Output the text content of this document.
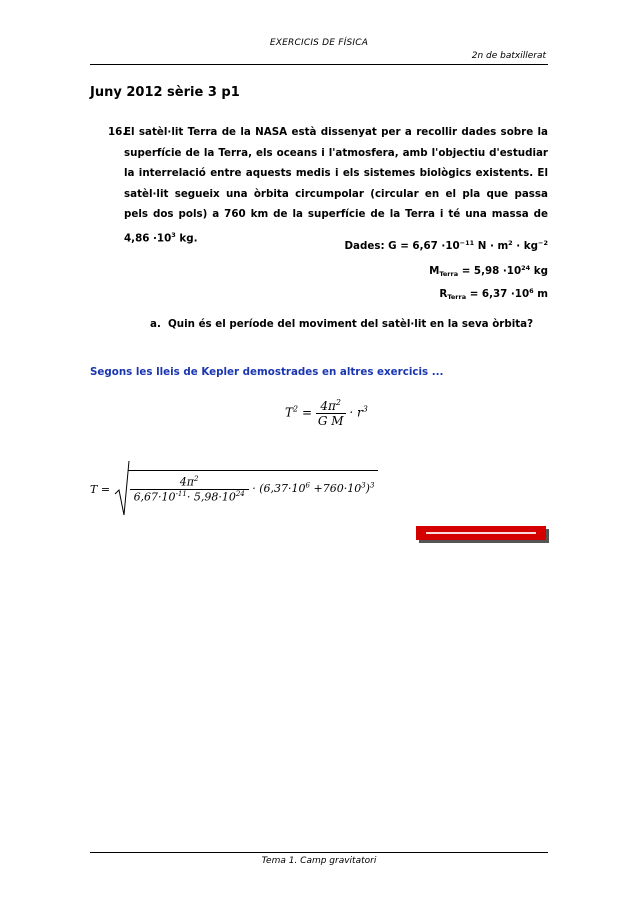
EXERCICIS DE FÍSICA
2n de batxillerat
Juny 2012 sèrie 3 p1
16.
El satèl·lit Terra de la NASA està dissenyat per a recollir dades sobre la superfície de la Terra, els oceans i l'atmosfera, amb l'objectiu d'estudiar la interrelació entre aquests medis i els sistemes biològics existents. El satèl·lit segueix una òrbita circumpolar (circular en el pla que passa pels dos pols) a 760 km de la superfície de la Terra i té una massa de $4,86 \cdot 10^3$ kg.
Dades: $G = 6,67 \cdot 10^{-11}$ $N \cdot m^2 \cdot kg^{-2}$
$M_{Terra} = 5,98 \cdot 10^{24}$ kg
$R_{Terra} = 6,37 \cdot 10^6$ m
a. Quin és el període del moviment del satèl·lit en la seva òrbita?
Segons les lleis de Kepler demostrades en altres exercicis ...
$T^2 = \frac{4\pi^2}{\text{G M}} \cdot r^3$
$T = \frac{4\pi^2}{6,67\cdot 10^{-11}\cdot 5,98\cdot 10^{24}} \cdot (6,37\cdot 10^6 +760\cdot 10^3)^3$
Tema 1. Camp gravitatori
